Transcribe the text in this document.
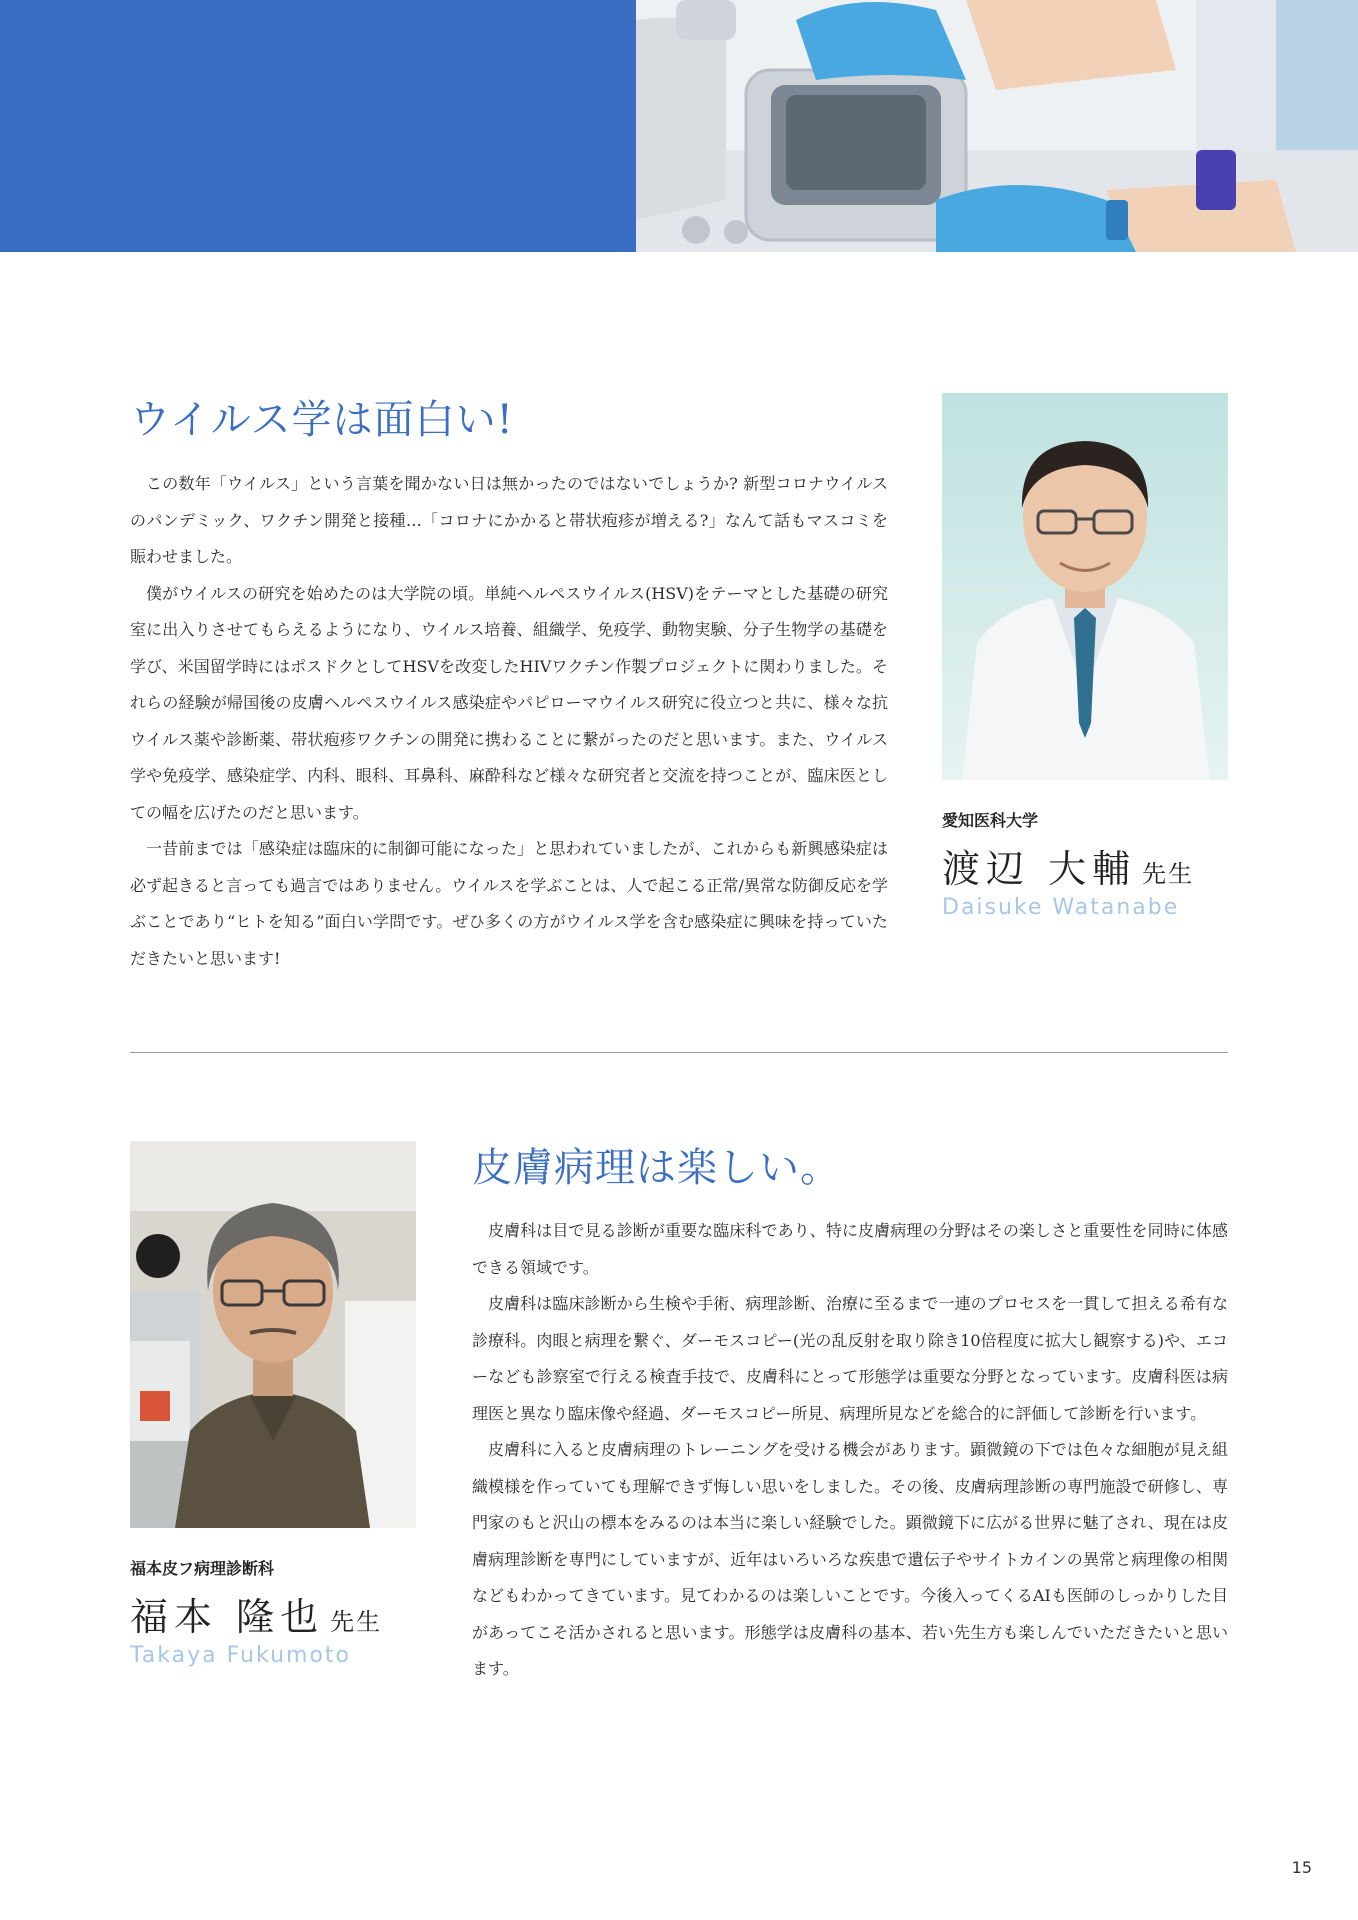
ウイルス学は面白い!

この数年「ウイルス」という言葉を聞かない日は無かったのではないでしょうか? 新型コロナウイルスのパンデミック、ワクチン開発と接種…「コロナにかかると帯状疱疹が増える?」なんて話もマスコミを賑わせました。

僕がウイルスの研究を始めたのは大学院の頃。単純ヘルペスウイルス(HSV)をテーマとした基礎の研究室に出入りさせてもらえるようになり、ウイルス培養、組織学、免疫学、動物実験、分子生物学の基礎を学び、米国留学時にはポスドクとしてHSVを改変したHIVワクチン作製プロジェクトに関わりました。それらの経験が帰国後の皮膚ヘルペスウイルス感染症やパピローマウイルス研究に役立つと共に、様々な抗ウイルス薬や診断薬、帯状疱疹ワクチンの開発に携わることに繋がったのだと思います。また、ウイルス学や免疫学、感染症学、内科、眼科、耳鼻科、麻酔科など様々な研究者と交流を持つことが、臨床医としての幅を広げたのだと思います。

一昔前までは「感染症は臨床的に制御可能になった」と思われていましたが、これからも新興感染症は必ず起きると言っても過言ではありません。ウイルスを学ぶことは、人で起こる正常/異常な防御反応を学ぶことであり“ヒトを知る”面白い学問です。ぜひ多くの方がウイルス学を含む感染症に興味を持っていただきたいと思います!

愛知医科大学
渡辺 大輔 先生
Daisuke Watanabe
皮膚病理は楽しい。

皮膚科は目で見る診断が重要な臨床科であり、特に皮膚病理の分野はその楽しさと重要性を同時に体感できる領域です。

皮膚科は臨床診断から生検や手術、病理診断、治療に至るまで一連のプロセスを一貫して担える希有な診療科。肉眼と病理を繋ぐ、ダーモスコピー(光の乱反射を取り除き10倍程度に拡大し観察する)や、エコーなども診察室で行える検査手技で、皮膚科にとって形態学は重要な分野となっています。皮膚科医は病理医と異なり臨床像や経過、ダーモスコピー所見、病理所見などを総合的に評価して診断を行います。

皮膚科に入ると皮膚病理のトレーニングを受ける機会があります。顕微鏡の下では色々な細胞が見え組織模様を作っていても理解できず悔しい思いをしました。その後、皮膚病理診断の専門施設で研修し、専門家のもと沢山の標本をみるのは本当に楽しい経験でした。顕微鏡下に広がる世界に魅了され、現在は皮膚病理診断を専門にしていますが、近年はいろいろな疾患で遺伝子やサイトカインの異常と病理像の相関などもわかってきています。見てわかるのは楽しいことです。今後入ってくるAIも医師のしっかりした目があってこそ活かされると思います。形態学は皮膚科の基本、若い先生方も楽しんでいただきたいと思います。

福本皮フ病理診断科
福本 隆也 先生
Takaya Fukumoto
15
